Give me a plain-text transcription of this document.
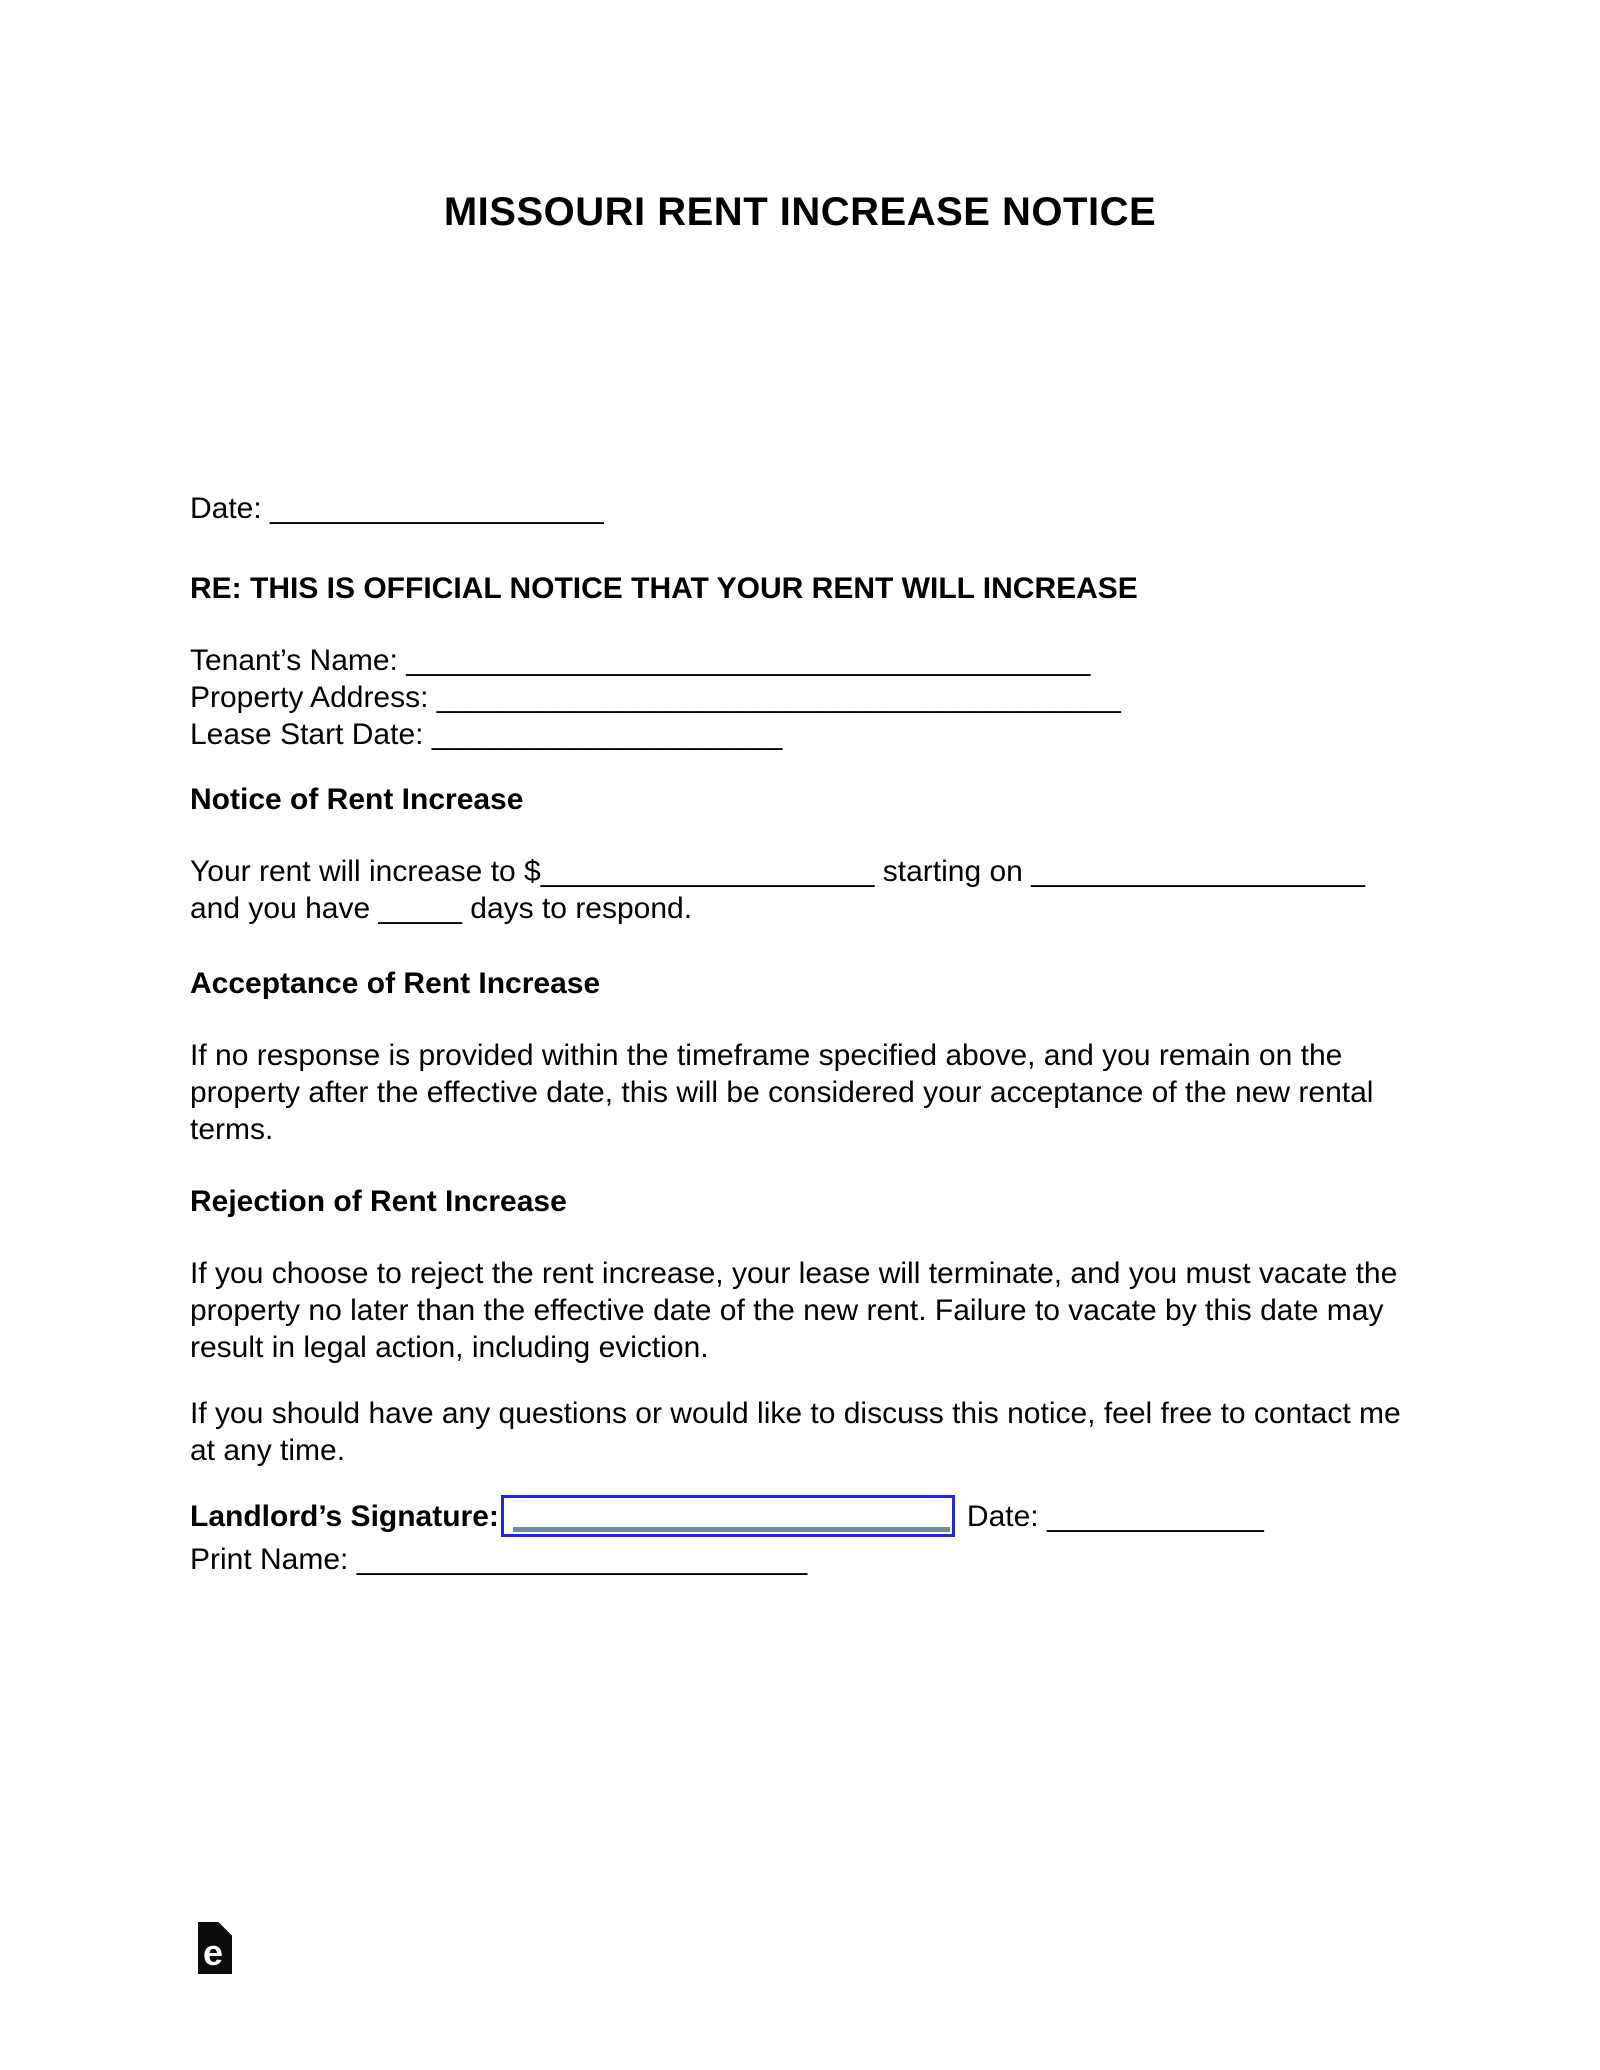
MISSOURI RENT INCREASE NOTICE
Date: ____________________
RE: THIS IS OFFICIAL NOTICE THAT YOUR RENT WILL INCREASE
Tenant’s Name: _________________________________________
Property Address: _________________________________________
Lease Start Date: _____________________
Notice of Rent Increase
Your rent will increase to $____________________ starting on ____________________
and you have _____ days to respond.
Acceptance of Rent Increase
If no response is provided within the timeframe specified above, and you remain on the property after the effective date, this will be considered your acceptance of the new rental terms.
Rejection of Rent Increase
If you choose to reject the rent increase, your lease will terminate, and you must vacate the property no later than the effective date of the new rent. Failure to vacate by this date may result in legal action, including eviction.
If you should have any questions or would like to discuss this notice, feel free to contact me at any time.
Landlord’s Signature:	Date: _____________
Print Name: ___________________________
e
